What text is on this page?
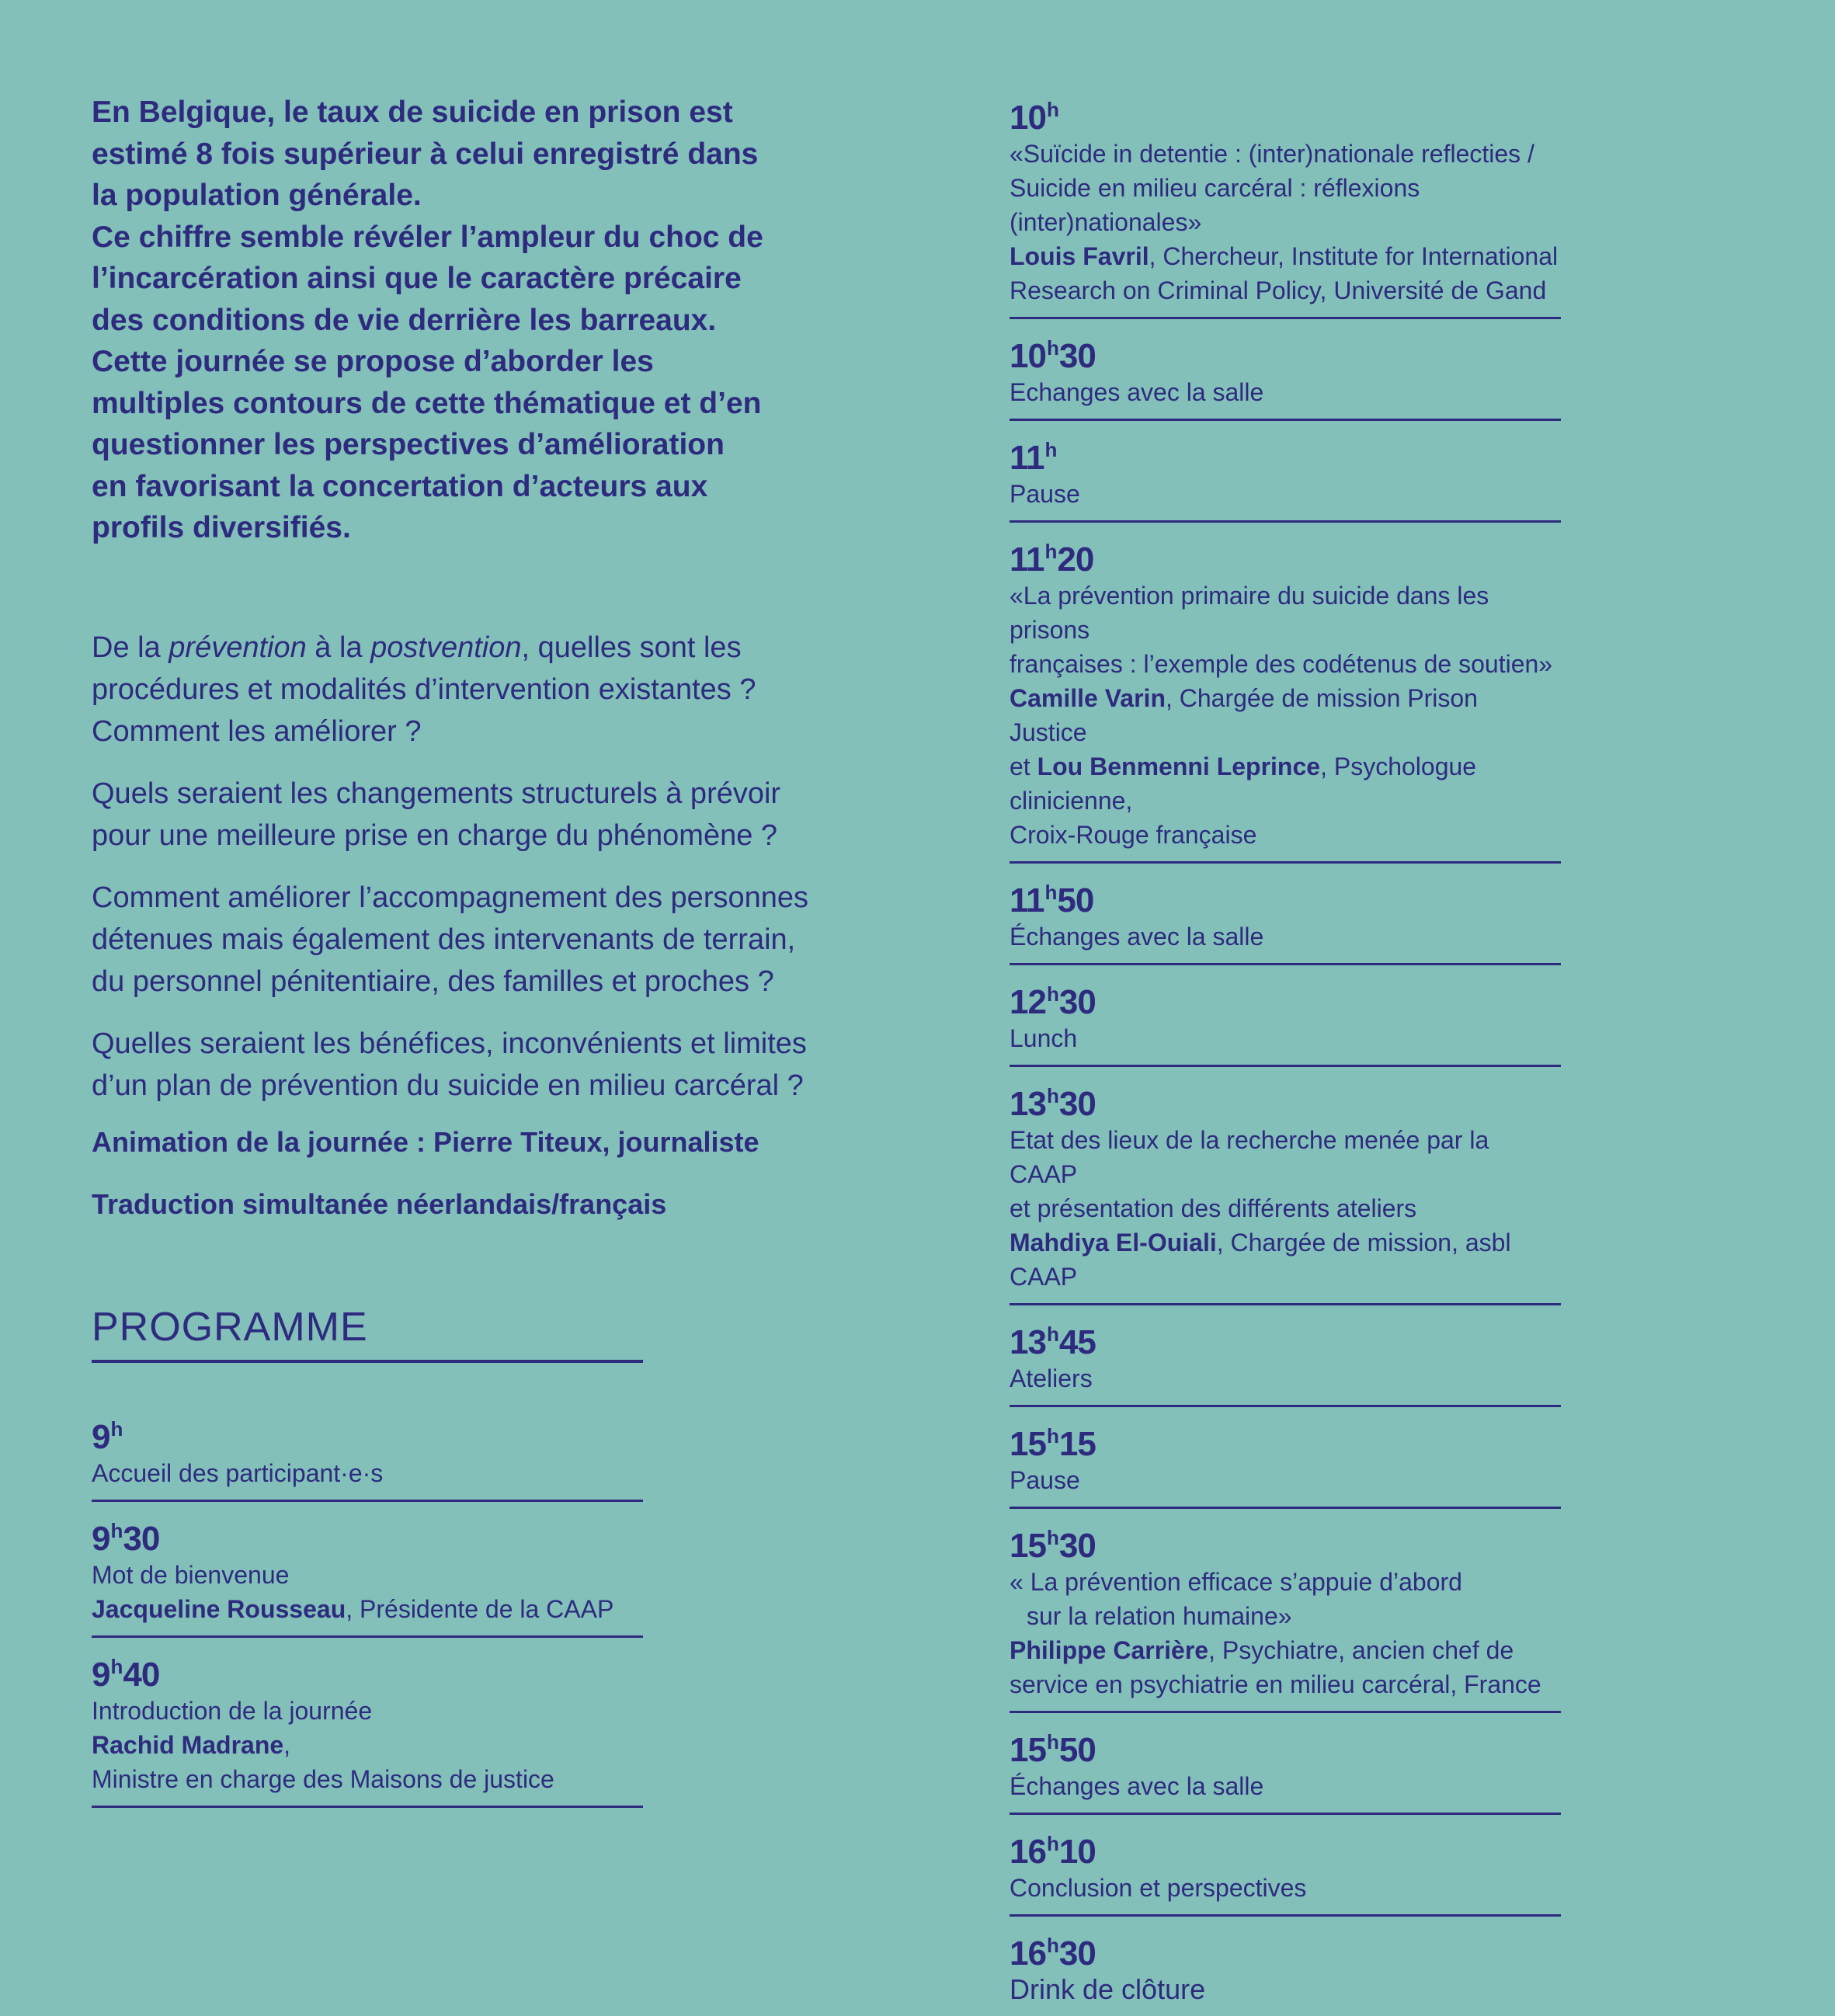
En Belgique, le taux de suicide en prison est

estimé 8 fois supérieur à celui enregistré dans

la population générale.

Ce chiffre semble révéler l’ampleur du choc de

l’incarcération ainsi que le caractère précaire

des conditions de vie derrière les barreaux.

Cette journée se propose d’aborder les

multiples contours de cette thématique et d’en

questionner les perspectives d’amélioration

en favorisant la concertation d’acteurs aux

profils diversifiés.

De la prévention à la postvention, quelles sont les
procédures et modalités d’intervention existantes ?
Comment les améliorer ?

Quels seraient les changements structurels à prévoir
pour une meilleure prise en charge du phénomène ?

Comment améliorer l’accompagnement des personnes
détenues mais également des intervenants de terrain,
du personnel pénitentiaire, des familles et proches ?

Quelles seraient les bénéfices, inconvénients et limites
d’un plan de prévention du suicide en milieu carcéral ?

Animation de la journée : Pierre Titeux, journaliste

Traduction simultanée néerlandais/français

PROGRAMME
9$^h$
Accueil des participant·e·s
9$^h$30
Mot de bienvenue
Jacqueline Rousseau, Présidente de la CAAP
9$^h$40
Introduction de la journée
Rachid Madrane,
Ministre en charge des Maisons de justice
10$^h$
«Suïcide in detentie : (inter)nationale reflecties /
Suicide en milieu carcéral : réflexions (inter)nationales»
Louis Favril, Chercheur, Institute for International
Research on Criminal Policy, Université de Gand
10$^h$30
Echanges avec la salle
11$^h$
Pause
11$^h$20
«La prévention primaire du suicide dans les prisons
françaises : l’exemple des codétenus de soutien»
Camille Varin, Chargée de mission Prison Justice
et Lou Benmenni Leprince, Psychologue clinicienne,
Croix-Rouge française
11$^h$50
Échanges avec la salle
12$^h$30
Lunch
13$^h$30
Etat des lieux de la recherche menée par la CAAP
et présentation des différents ateliers
Mahdiya El-Ouiali, Chargée de mission, asbl CAAP
13$^h$45
Ateliers
15$^h$15
Pause
15$^h$30
« La prévention efficace s’appuie d’abord
sur la relation humaine»
Philippe Carrière, Psychiatre, ancien chef de
service en psychiatrie en milieu carcéral, France
15$^h$50
Échanges avec la salle
16$^h$10
Conclusion et perspectives
16$^h$30
Drink de clôture
